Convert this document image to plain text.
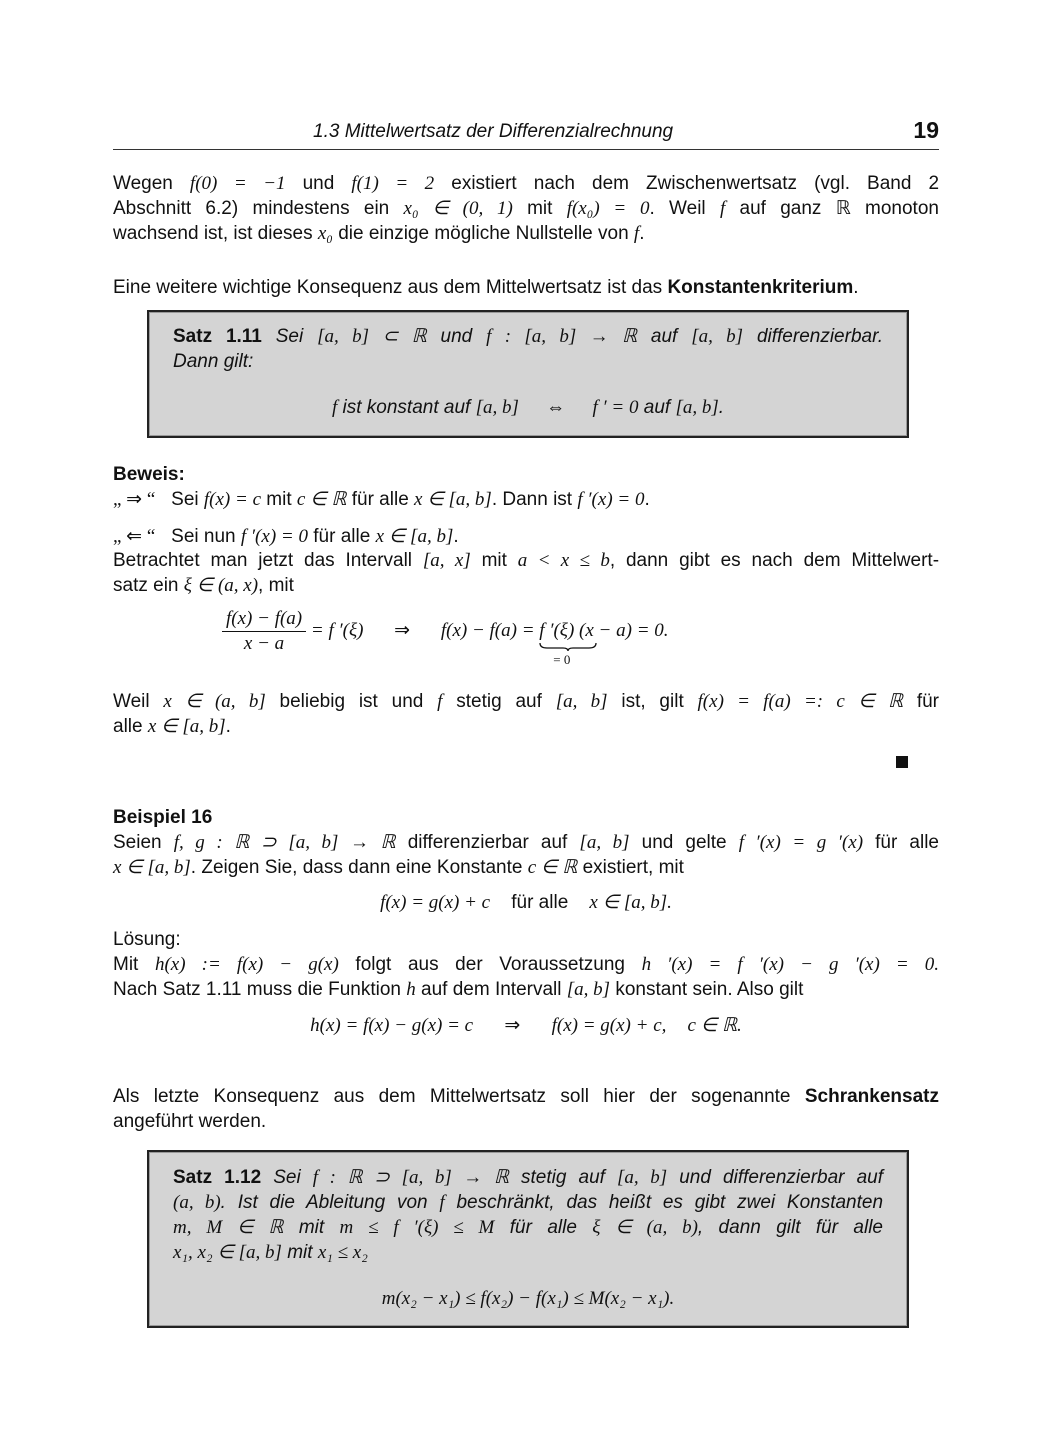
1.3 Mittelwertsatz der Differenzialrechnung	19
Wegen f(0) = −1 und f(1) = 2 existiert nach dem Zwischenwertsatz (vgl. Band 2
Abschnitt 6.2) mindestens ein x₀ ∈ (0, 1) mit f(x₀) = 0. Weil f auf ganz ℝ monoton
wachsend ist, ist dieses x₀ die einzige mögliche Nullstelle von f.
Eine weitere wichtige Konsequenz aus dem Mittelwertsatz ist das Konstantenkriterium.
Satz 1.11 Sei [a, b] ⊂ ℝ und f : [a, b] → ℝ auf [a, b] differenzierbar.
Dann gilt:
f ist konstant auf [a, b] ⇔ f ′ = 0 auf [a, b].
Beweis:
„ ⇒ “ Sei f(x) = c mit c ∈ ℝ für alle x ∈ [a, b]. Dann ist f ′(x) = 0.
„ ⇐ “ Sei nun f ′(x) = 0 für alle x ∈ [a, b].
Betrachtet man jetzt das Intervall [a, x] mit a < x ≤ b, dann gibt es nach dem Mittelwert-
satz ein ξ ∈ (a, x), mit
$\frac{f(x) - f(a)}{x - a} = f$ ′(ξ) ⇒ f(x) − f(a) = f ′(ξ)
= 0
(x − a) = 0.
Weil x ∈ (a, b] beliebig ist und f stetig auf [a, b] ist, gilt f(x) = f(a) =: c ∈ ℝ für
alle x ∈ [a, b].
Beispiel 16
Seien f, g : ℝ ⊃ [a, b] → ℝ differenzierbar auf [a, b] und gelte f ′(x) = g ′(x) für alle
x ∈ [a, b]. Zeigen Sie, dass dann eine Konstante c ∈ ℝ existiert, mit
f(x) = g(x) + c für alle x ∈ [a, b].
Lösung:
Mit h(x) := f(x) − g(x) folgt aus der Voraussetzung h ′(x) = f ′(x) − g ′(x) = 0.
Nach Satz 1.11 muss die Funktion h auf dem Intervall [a, b] konstant sein. Also gilt
h(x) = f(x) − g(x) = c ⇒ f(x) = g(x) + c, c ∈ ℝ.
Als letzte Konsequenz aus dem Mittelwertsatz soll hier der sogenannte Schrankensatz
angeführt werden.
Satz 1.12 Sei f : ℝ ⊃ [a, b] → ℝ stetig auf [a, b] und differenzierbar auf
(a, b). Ist die Ableitung von f beschränkt, das heißt es gibt zwei Konstanten
m, M ∈ ℝ mit m ≤ f ′(ξ) ≤ M für alle ξ ∈ (a, b), dann gilt für alle
x₁, x₂ ∈ [a, b] mit x₁ ≤ x₂
m(x₂ − x₁) ≤ f(x₂) − f(x₁) ≤ M(x₂ − x₁).
